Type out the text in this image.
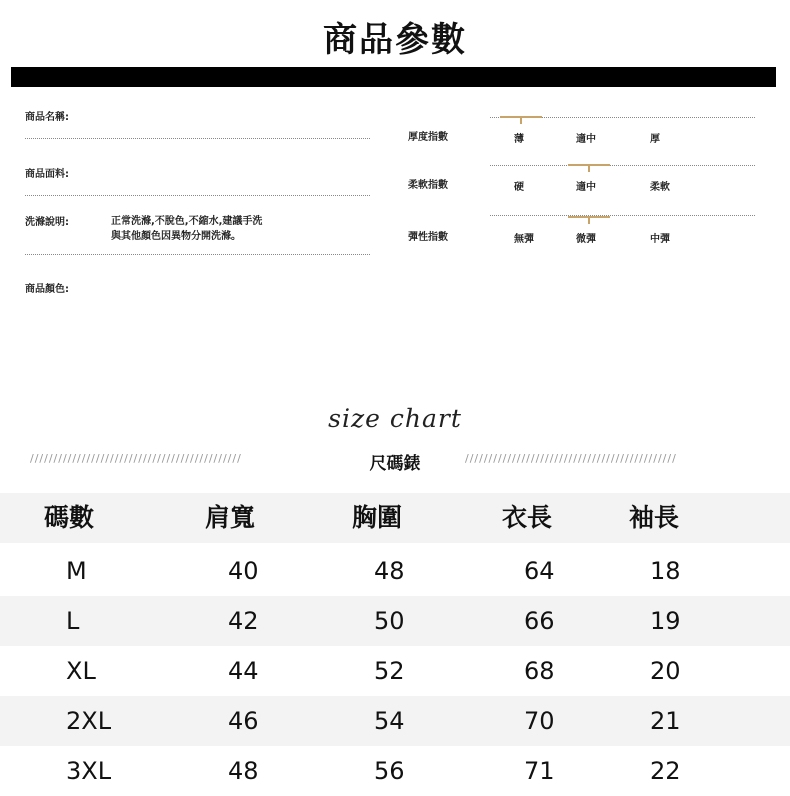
商品參數
商品名稱:
商品面料:
洗滌說明:	正常洗滌,不脫色,不縮水,建議手洗
與其他顏色因異物分開洗滌。
商品顏色:
厚度指數	薄	適中	厚
柔軟指數	硬	適中	柔軟
彈性指數	無彈	微彈	中彈
size chart
/////////////////////////////////////////////	尺碼錶	/////////////////////////////////////////////
碼數	肩寬	胸圍	衣長	袖長
M	40	48	64	18
L	42	50	66	19
XL	44	52	68	20
2XL	46	54	70	21
3XL	48	56	71	22
